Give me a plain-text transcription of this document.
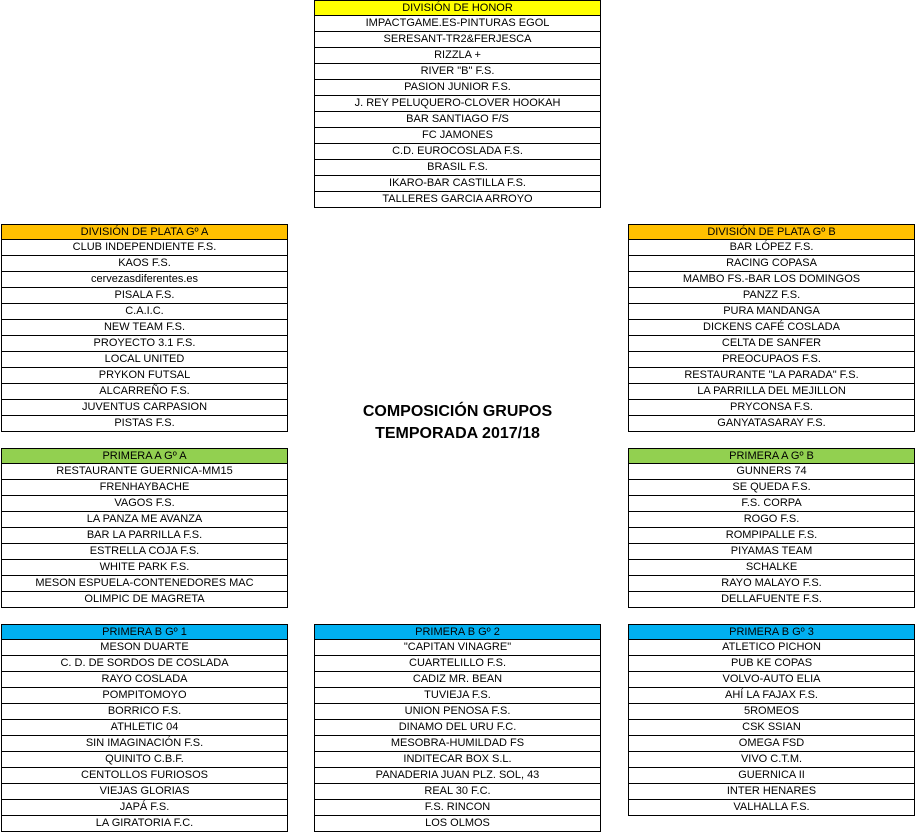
COMPOSICIÓN GRUPOS
TEMPORADA 2017/18
DIVISIÓN DE HONOR
IMPACTGAME.ES-PINTURAS EGOL
SERESANT-TR2&FERJESCA
RIZZLA +
RIVER "B" F.S.
PASION JUNIOR F.S.
J. REY PELUQUERO-CLOVER HOOKAH
BAR SANTIAGO F/S
FC JAMONES
C.D. EUROCOSLADA F.S.
BRASIL F.S.
IKARO-BAR CASTILLA F.S.
TALLERES GARCIA ARROYO
DIVISIÓN DE PLATA Gº A
CLUB INDEPENDIENTE F.S.
KAOS F.S.
cervezasdiferentes.es
PISALA F.S.
C.A.I.C.
NEW TEAM F.S.
PROYECTO 3.1 F.S.
LOCAL UNITED
PRYKON FUTSAL
ALCARREÑO F.S.
JUVENTUS CARPASION
PISTAS F.S.
DIVISIÓN DE PLATA Gº B
BAR LÓPEZ F.S.
RACING COPASA
MAMBO FS.-BAR LOS DOMINGOS
PANZZ F.S.
PURA MANDANGA
DICKENS CAFÉ COSLADA
CELTA DE SANFER
PREOCUPAOS F.S.
RESTAURANTE "LA PARADA" F.S.
LA PARRILLA DEL MEJILLON
PRYCONSA F.S.
GANYATASARAY F.S.
PRIMERA A Gº A
RESTAURANTE GUERNICA-MM15
FRENHAYBACHE
VAGOS F.S.
LA PANZA ME AVANZA
BAR LA PARRILLA F.S.
ESTRELLA COJA F.S.
WHITE PARK F.S.
MESON ESPUELA-CONTENEDORES MAC
OLIMPIC DE MAGRETA
PRIMERA A Gº B
GUNNERS 74
SE QUEDA F.S.
F.S. CORPA
ROGO F.S.
ROMPIPALLE F.S.
PIYAMAS TEAM
SCHALKE
RAYO MALAYO F.S.
DELLAFUENTE F.S.
PRIMERA B Gº 1
MESON DUARTE
C. D. DE SORDOS DE COSLADA
RAYO COSLADA
POMPITOMOYO
BORRICO F.S.
ATHLETIC 04
SIN IMAGINACIÓN F.S.
QUINITO C.B.F.
CENTOLLOS FURIOSOS
VIEJAS GLORIAS
JAPÁ F.S.
LA GIRATORIA F.C.
PRIMERA B Gº 2
"CAPITAN VINAGRE"
CUARTELILLO F.S.
CADIZ MR. BEAN
TUVIEJA F.S.
UNION PENOSA F.S.
DINAMO DEL URU F.C.
MESOBRA-HUMILDAD FS
INDITECAR BOX S.L.
PANADERIA JUAN PLZ. SOL, 43
REAL 30 F.C.
F.S. RINCON
LOS OLMOS
PRIMERA B Gº 3
ATLETICO PICHON
PUB KE COPAS
VOLVO-AUTO ELIA
AHÍ LA FAJAX F.S.
5ROMEOS
CSK SSIAN
OMEGA FSD
VIVO C.T.M.
GUERNICA II
INTER HENARES
VALHALLA F.S.
